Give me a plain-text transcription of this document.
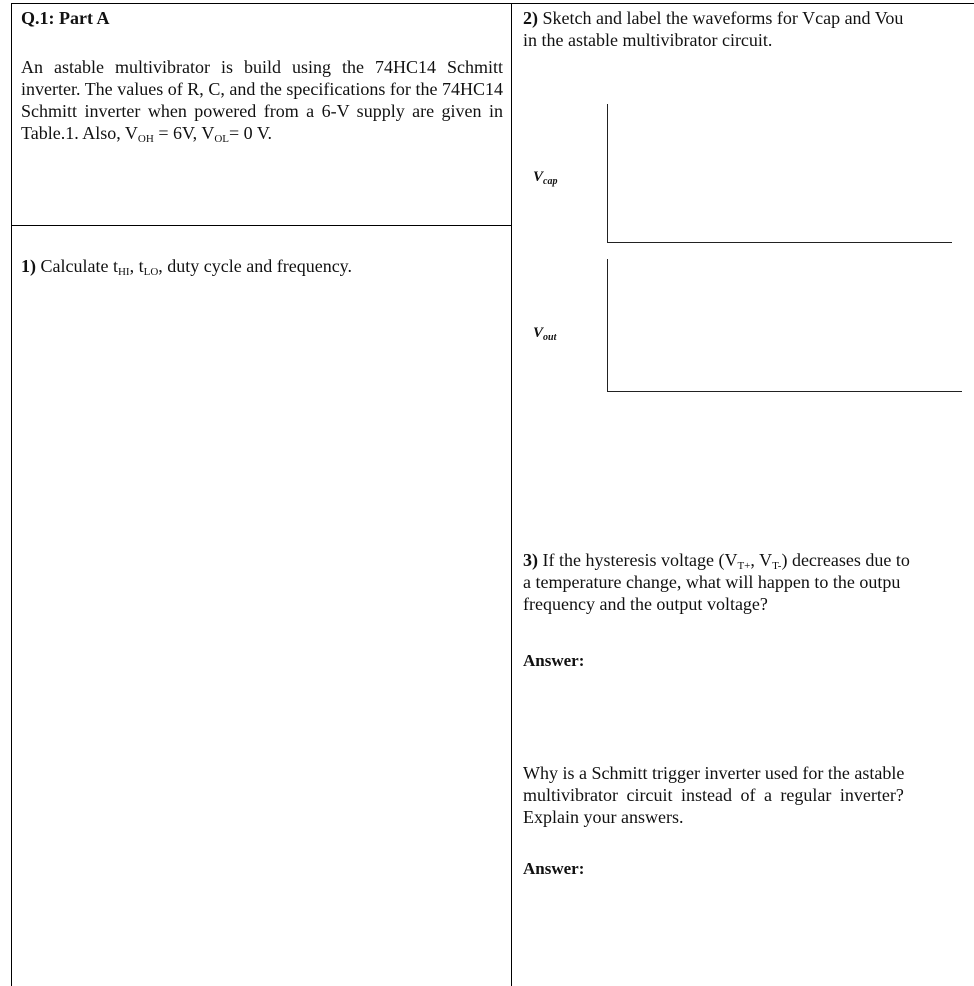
Q.1: Part A
An astable multivibrator is build using the 74HC14 Schmitt inverter. The values of R, C, and the specifications for the 74HC14 Schmitt inverter when powered from a 6-V supply are given in Table.1. Also, $V_{OH} = 6V$, $V_{OL}= 0$ V.
1) Calculate $t_{HI}$, $t_{LO}$, duty cycle and frequency.
2) Sketch and label the waveforms for Vcap and Vou
in the astable multivibrator circuit.
$V_{cap}$
$V_{out}$
3) If the hysteresis voltage ($V_{T+}$, $V_{T-}$) decreases due to
a temperature change, what will happen to the outpu
frequency and the output voltage?
Answer:
Why is a Schmitt trigger inverter used for the astable
multivibrator circuit instead of a regular inverter?
Explain your answers.
Answer:
